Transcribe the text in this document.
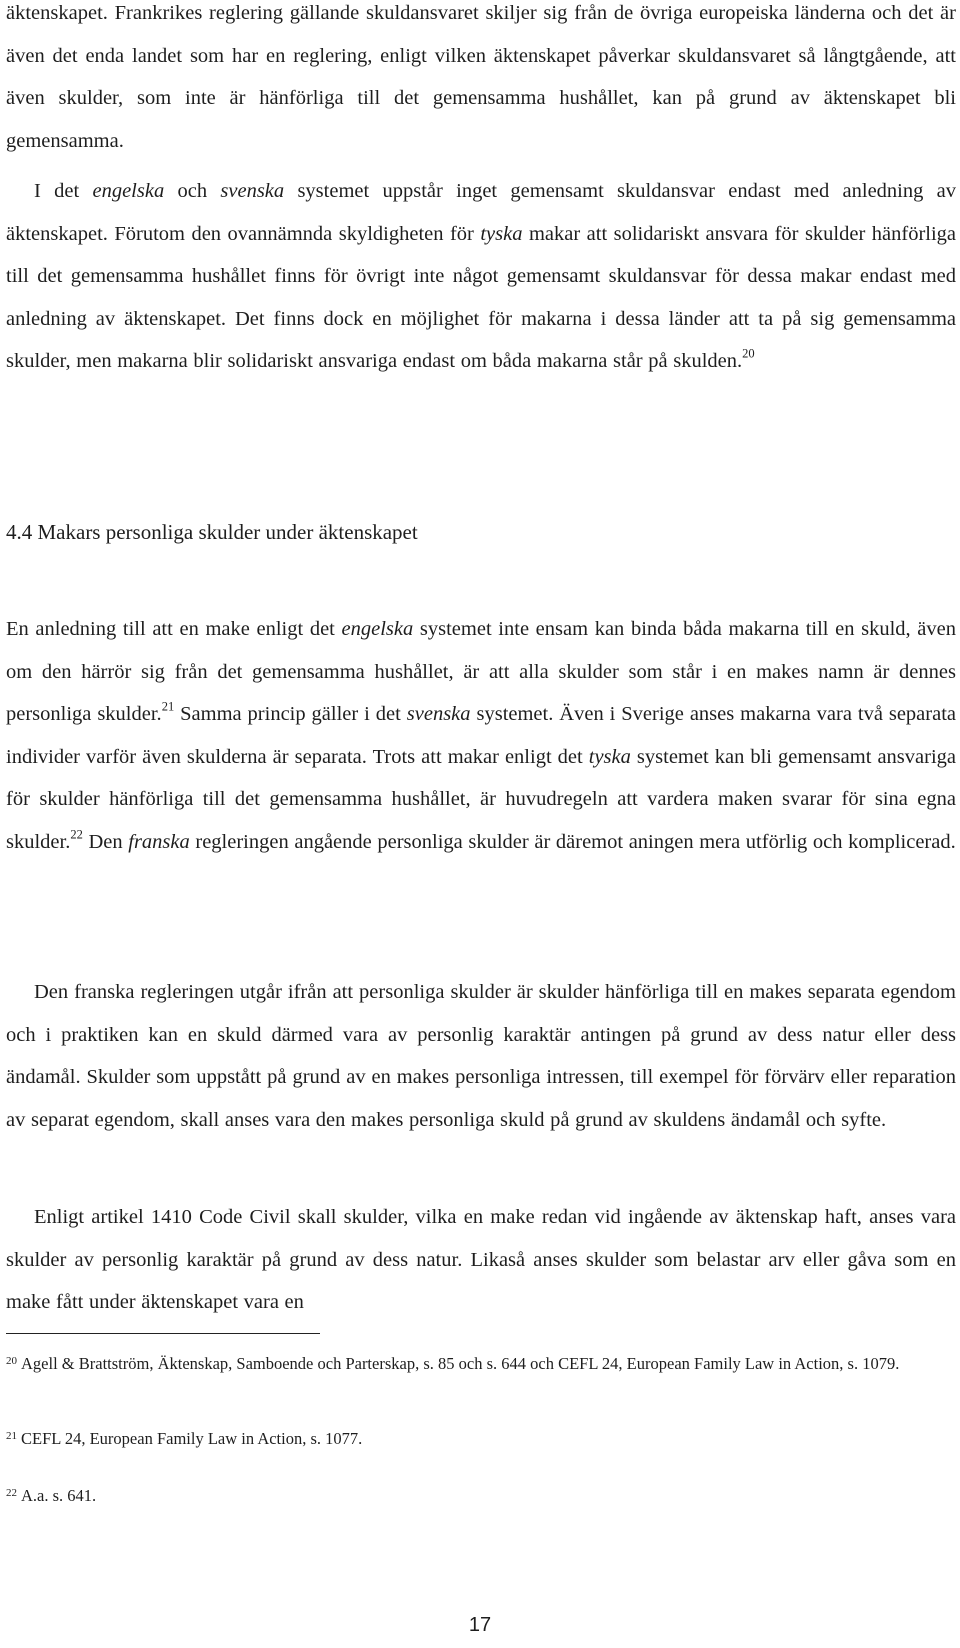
äktenskapet. Frankrikes reglering gällande skuldansvaret skiljer sig från de övriga europeiska länderna och det är även det enda landet som har en reglering, enligt vilken äktenskapet påverkar skuldansvaret så långtgående, att även skulder, som inte är hänförliga till det gemensamma hushållet, kan på grund av äktenskapet bli gemensamma.

I det engelska och svenska systemet uppstår inget gemensamt skuldansvar endast med anledning av äktenskapet. Förutom den ovannämnda skyldigheten för tyska makar att solidariskt ansvara för skulder hänförliga till det gemensamma hushållet finns för övrigt inte något gemensamt skuldansvar för dessa makar endast med anledning av äktenskapet. Det finns dock en möjlighet för makarna i dessa länder att ta på sig gemensamma skulder, men makarna blir solidariskt ansvariga endast om båda makarna står på skulden.$^{20}$

4.4 Makars personliga skulder under äktenskapet

En anledning till att en make enligt det engelska systemet inte ensam kan binda båda makarna till en skuld, även om den härrör sig från det gemensamma hushållet, är att alla skulder som står i en makes namn är dennes personliga skulder.$^{21}$ Samma princip gäller i det svenska systemet. Även i Sverige anses makarna vara två separata individer varför även skulderna är separata. Trots att makar enligt det tyska systemet kan bli gemensamt ansvariga för skulder hänförliga till det gemensamma hushållet, är huvudregeln att vardera maken svarar för sina egna skulder.$^{22}$ Den franska regleringen angående personliga skulder är däremot aningen mera utförlig och komplicerad.

Den franska regleringen utgår ifrån att personliga skulder är skulder hänförliga till en makes separata egendom och i praktiken kan en skuld därmed vara av personlig karaktär antingen på grund av dess natur eller dess ändamål. Skulder som uppstått på grund av en makes personliga intressen, till exempel för förvärv eller reparation av separat egendom, skall anses vara den makes personliga skuld på grund av skuldens ändamål och syfte.

Enligt artikel 1410 Code Civil skall skulder, vilka en make redan vid ingående av äktenskap haft, anses vara skulder av personlig karaktär på grund av dess natur. Likaså anses skulder som belastar arv eller gåva som en make fått under äktenskapet vara en

$^{20}$ Agell & Brattström, Äktenskap, Samboende och Parterskap, s. 85 och s. 644 och CEFL 24, European Family Law in Action, s. 1079.

$^{21}$ CEFL 24, European Family Law in Action, s. 1077.

$^{22}$ A.a. s. 641.

17
